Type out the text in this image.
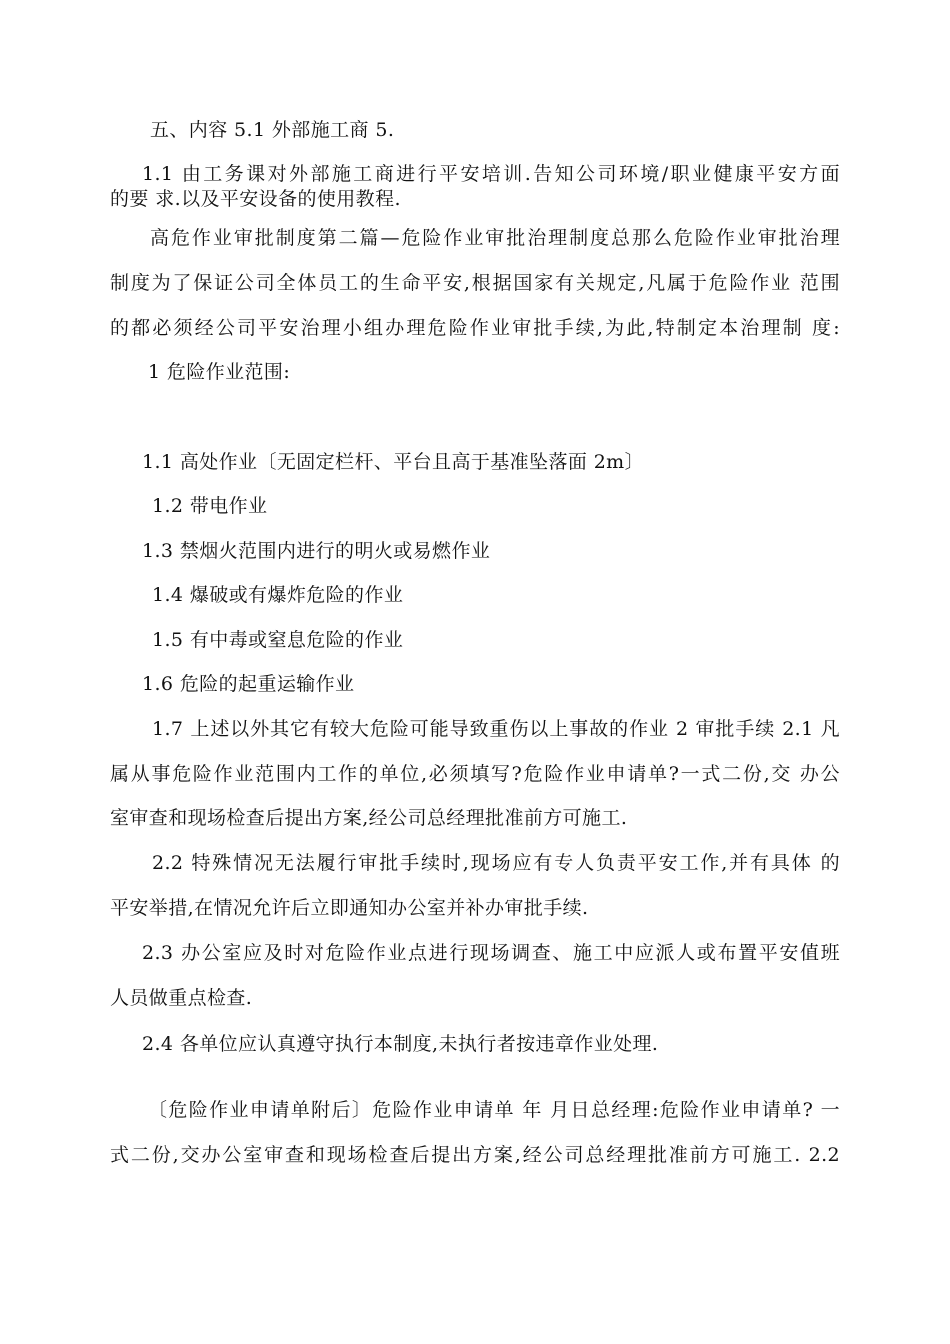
五、内容 5.1 外部施工商 5.
1.1 由工务课对外部施工商进行平安培训.告知公司环境/职业健康平安方面
的要 求.以及平安设备的使用教程.
高危作业审批制度第二篇—危险作业审批治理制度总那么危险作业审批治理
制度为了保证公司全体员工的生命平安,根据国家有关规定,凡属于危险作业 范围
的都必须经公司平安治理小组办理危险作业审批手续,为此,特制定本治理制 度:
1 危险作业范围:
1.1 高处作业〔无固定栏杆、平台且高于基准坠落面 2m〕
1.2 带电作业
1.3 禁烟火范围内进行的明火或易燃作业
1.4 爆破或有爆炸危险的作业
1.5 有中毒或窒息危险的作业
1.6 危险的起重运输作业
1.7 上述以外其它有较大危险可能导致重伤以上事故的作业 2 审批手续 2.1 凡
属从事危险作业范围内工作的单位,必须填写?危险作业申请单?一式二份,交 办公
室审查和现场检查后提出方案,经公司总经理批准前方可施工.
2.2 特殊情况无法履行审批手续时,现场应有专人负责平安工作,并有具体 的
平安举措,在情况允许后立即通知办公室并补办审批手续.
2.3 办公室应及时对危险作业点进行现场调查、施工中应派人或布置平安值班
人员做重点检查.
2.4 各单位应认真遵守执行本制度,未执行者按违章作业处理.
〔危险作业申请单附后〕危险作业申请单 年 月日总经理:危险作业申请单? 一
式二份,交办公室审查和现场检查后提出方案,经公司总经理批准前方可施工. 2.2
